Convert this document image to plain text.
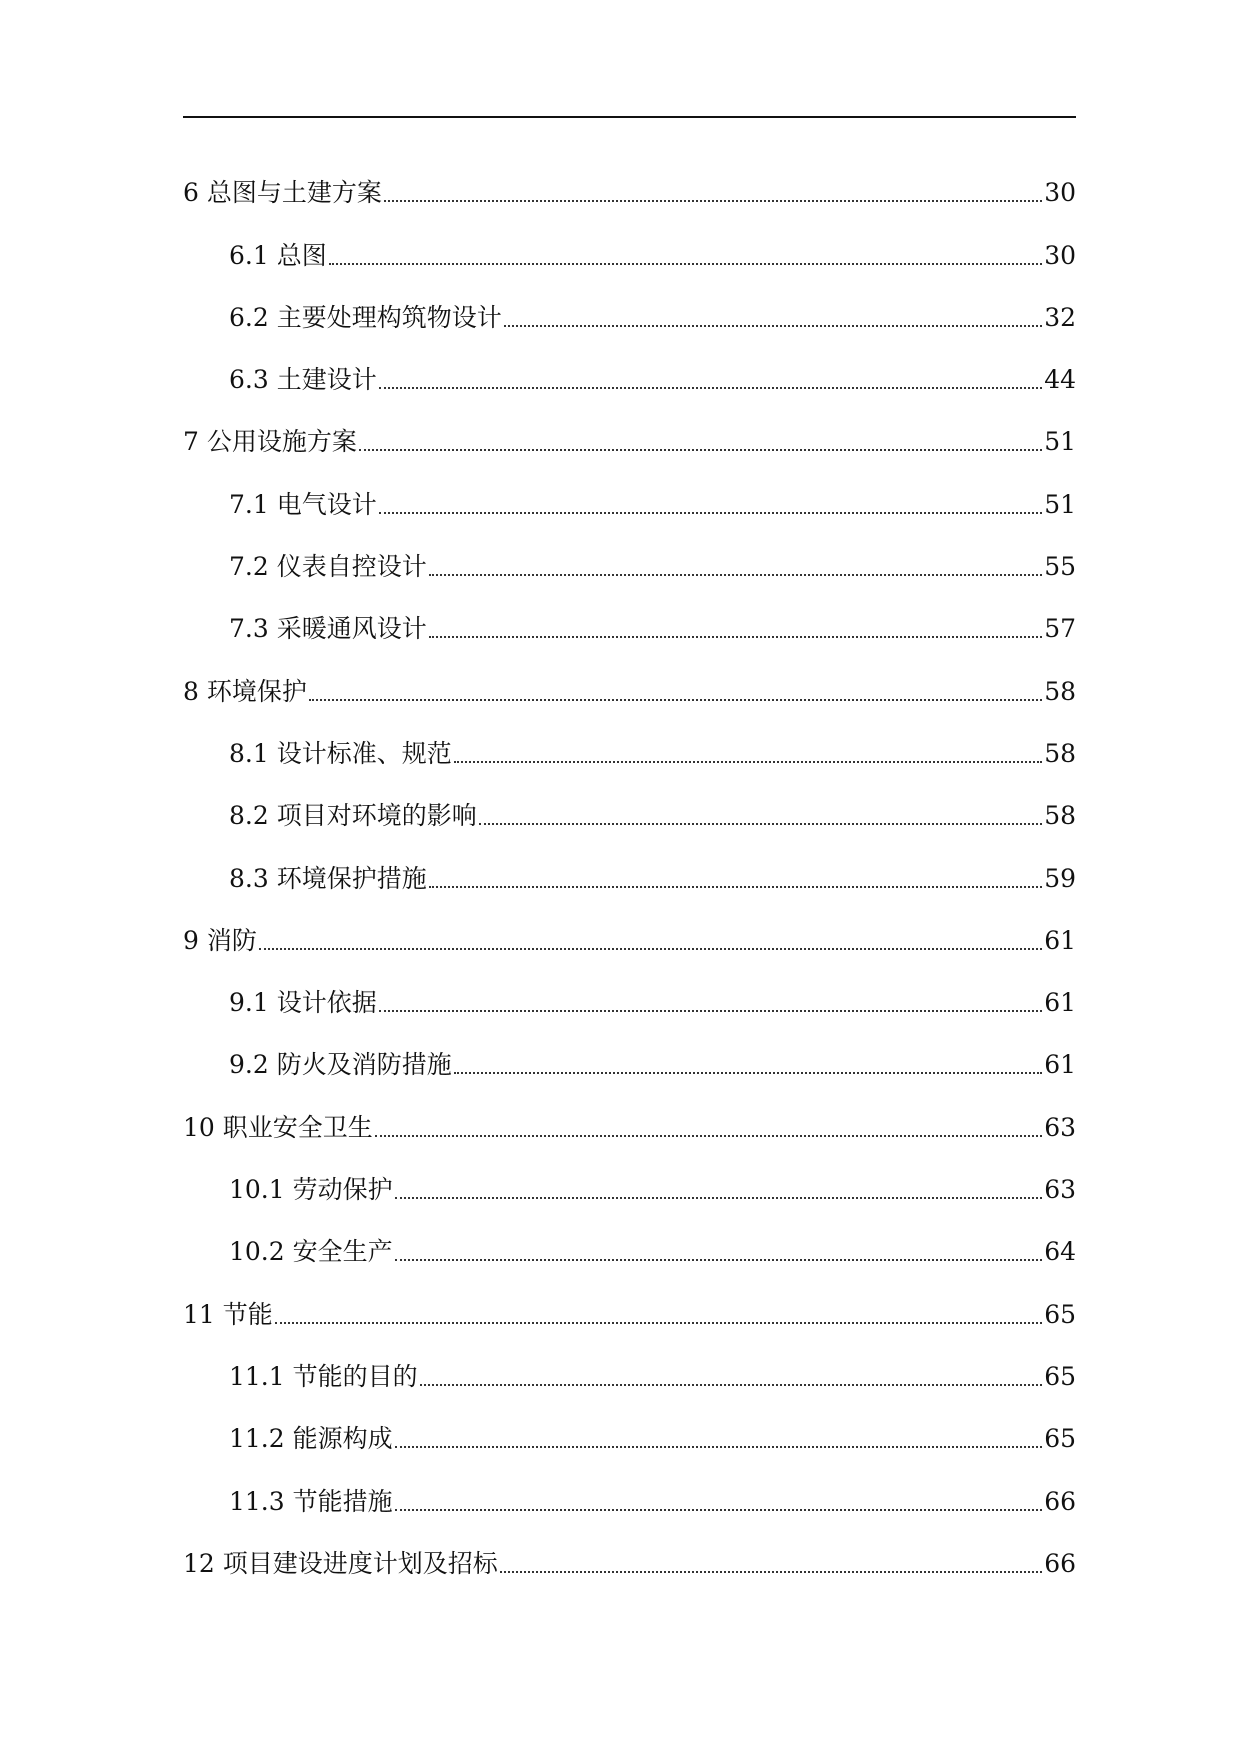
6 总图与土建方案	30
6.1 总图	30
6.2 主要处理构筑物设计	32
6.3 土建设计	44
7 公用设施方案	51
7.1 电气设计	51
7.2 仪表自控设计	55
7.3 采暖通风设计	57
8 环境保护	58
8.1 设计标准、规范	58
8.2 项目对环境的影响	58
8.3 环境保护措施	59
9 消防	61
9.1 设计依据	61
9.2 防火及消防措施	61
10 职业安全卫生	63
10.1 劳动保护	63
10.2 安全生产	64
11 节能	65
11.1 节能的目的	65
11.2 能源构成	65
11.3 节能措施	66
12 项目建设进度计划及招标	66
